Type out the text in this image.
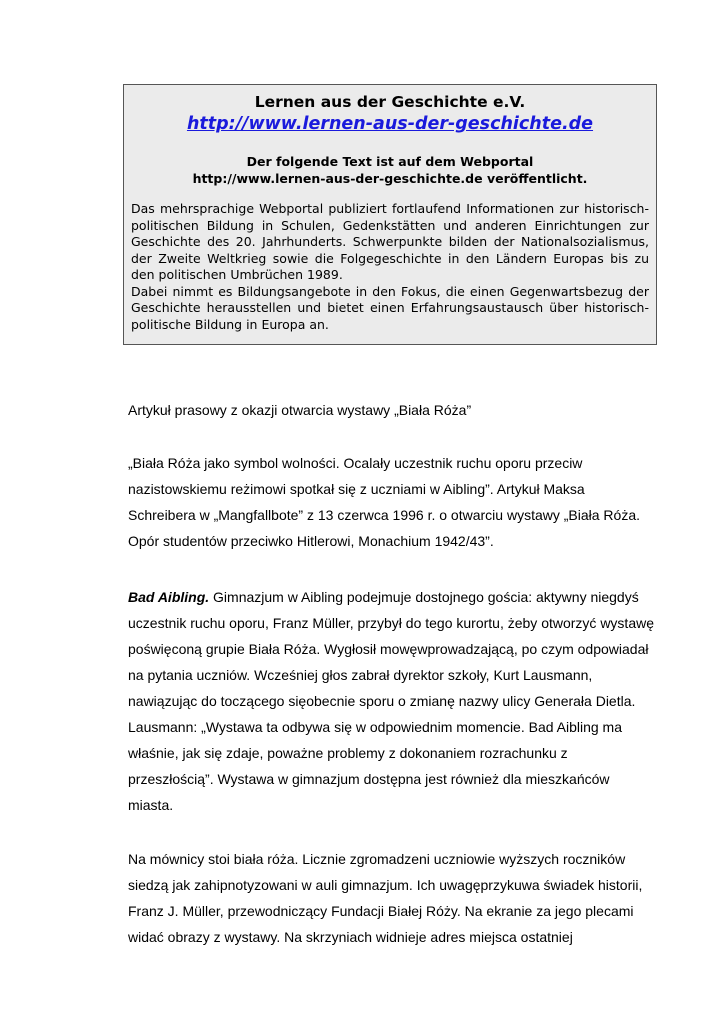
Lernen aus der Geschichte e.V.

http://www.lernen-aus-der-geschichte.de

Der folgende Text ist auf dem Webportal
http://www.lernen-aus-der-geschichte.de veröffentlicht.

Das mehrsprachige Webportal publiziert fortlaufend Informationen zur historisch-politischen Bildung in Schulen, Gedenkstätten und anderen Einrichtungen zur Geschichte des 20. Jahrhunderts. Schwerpunkte bilden der Nationalsozialismus, der Zweite Weltkrieg sowie die Folgegeschichte in den Ländern Europas bis zu den politischen Umbrüchen 1989.

Dabei nimmt es Bildungsangebote in den Fokus, die einen Gegenwartsbezug der Geschichte herausstellen und bietet einen Erfahrungsaustausch über historisch-politische Bildung in Europa an.

Artykuł prasowy z okazji otwarcia wystawy „Biała Róża”

„Biała Róża jako symbol wolności. Ocalały uczestnik ruchu oporu przeciw nazistowskiemu reżimowi spotkał się z uczniami w Aibling”. Artykuł Maksa Schreibera w „Mangfallbote” z 13 czerwca 1996 r. o otwarciu wystawy „Biała Róża. Opór studentów przeciwko Hitlerowi, Monachium 1942/43”.

Bad Aibling. Gimnazjum w Aibling podejmuje dostojnego gościa: aktywny niegdyś uczestnik ruchu oporu, Franz Müller, przybył do tego kurortu, żeby otworzyć wystawę poświęconą grupie Biała Róża. Wygłosił mowęwprowadzającą, po czym odpowiadał na pytania uczniów. Wcześniej głos zabrał dyrektor szkoły, Kurt Lausmann, nawiązując do toczącego sięobecnie sporu o zmianę nazwy ulicy Generała Dietla. Lausmann: „Wystawa ta odbywa się w odpowiednim momencie. Bad Aibling ma właśnie, jak się zdaje, poważne problemy z dokonaniem rozrachunku z przeszłością”. Wystawa w gimnazjum dostępna jest również dla mieszkańców miasta.

Na mównicy stoi biała róża. Licznie zgromadzeni uczniowie wyższych roczników siedzą jak zahipnotyzowani w auli gimnazjum. Ich uwagęprzykuwa świadek historii, Franz J. Müller, przewodniczący Fundacji Białej Róży. Na ekranie za jego plecami widać obrazy z wystawy. Na skrzyniach widnieje adres miejsca ostatniej
